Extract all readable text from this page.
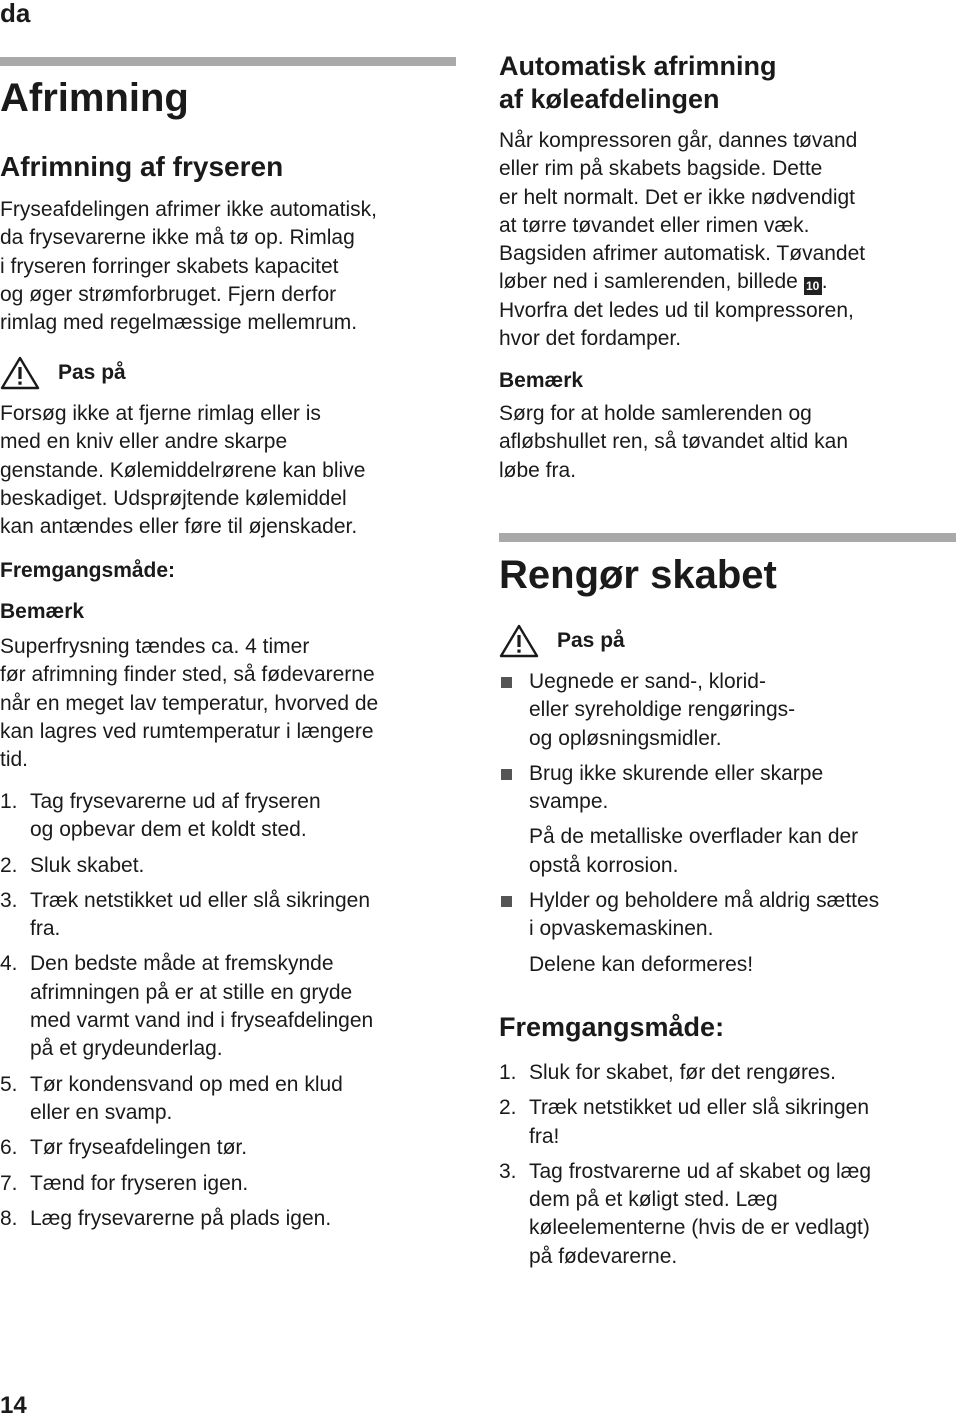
da
Afrimning
Afrimning af fryseren

Fryseafdelingen afrimer ikke automatisk,

da frysevarerne ikke må tø op. Rimlag

i fryseren forringer skabets kapacitet

og øger strømforbruget. Fjern derfor

rimlag med regelmæssige mellemrum.

Pas på

Forsøg ikke at fjerne rimlag eller is

med en kniv eller andre skarpe

genstande. Kølemiddelrørene kan blive

beskadiget. Udsprøjtende kølemiddel

kan antændes eller føre til øjenskader.

Fremgangsmåde:
Bemærk

Superfrysning tændes ca. 4 timer

før afrimning finder sted, så fødevarerne

når en meget lav temperatur, hvorved de

kan lagres ved rumtemperatur i længere

tid.

1. Tag frysevarerne ud af fryseren
og opbevar dem et koldt sted.
2. Sluk skabet.
3. Træk netstikket ud eller slå sikringen
fra.
4. Den bedste måde at fremskynde
afrimningen på er at stille en gryde
med varmt vand ind i fryseafdelingen
på et grydeunderlag.
5. Tør kondensvand op med en klud
eller en svamp.
6. Tør fryseafdelingen tør.
7. Tænd for fryseren igen.
8. Læg frysevarerne på plads igen.
Automatisk afrimning
af køleafdelingen

Når kompressoren går, dannes tøvand

eller rim på skabets bagside. Dette

er helt normalt. Det er ikke nødvendigt

at tørre tøvandet eller rimen væk.

Bagsiden afrimer automatisk. Tøvandet

løber ned i samlerenden, billede 10 .

Hvorfra det ledes ud til kompressoren,

hvor det fordamper.

Bemærk

Sørg for at holde samlerenden og

afløbshullet ren, så tøvandet altid kan

løbe fra.

Rengør skabet
Pas på
Uegnede er sand-, klorid-
eller syreholdige rengørings-
og opløsningsmidler.
Brug ikke skurende eller skarpe
svampe.
På de metalliske overflader kan der
opstå korrosion.
Hylder og beholdere må aldrig sættes
i opvaskemaskinen.
Delene kan deformeres!
Fremgangsmåde:
1. Sluk for skabet, før det rengøres.
2. Træk netstikket ud eller slå sikringen
fra!
3. Tag frostvarerne ud af skabet og læg
dem på et køligt sted. Læg
køleelementerne (hvis de er vedlagt)
på fødevarerne.
14
